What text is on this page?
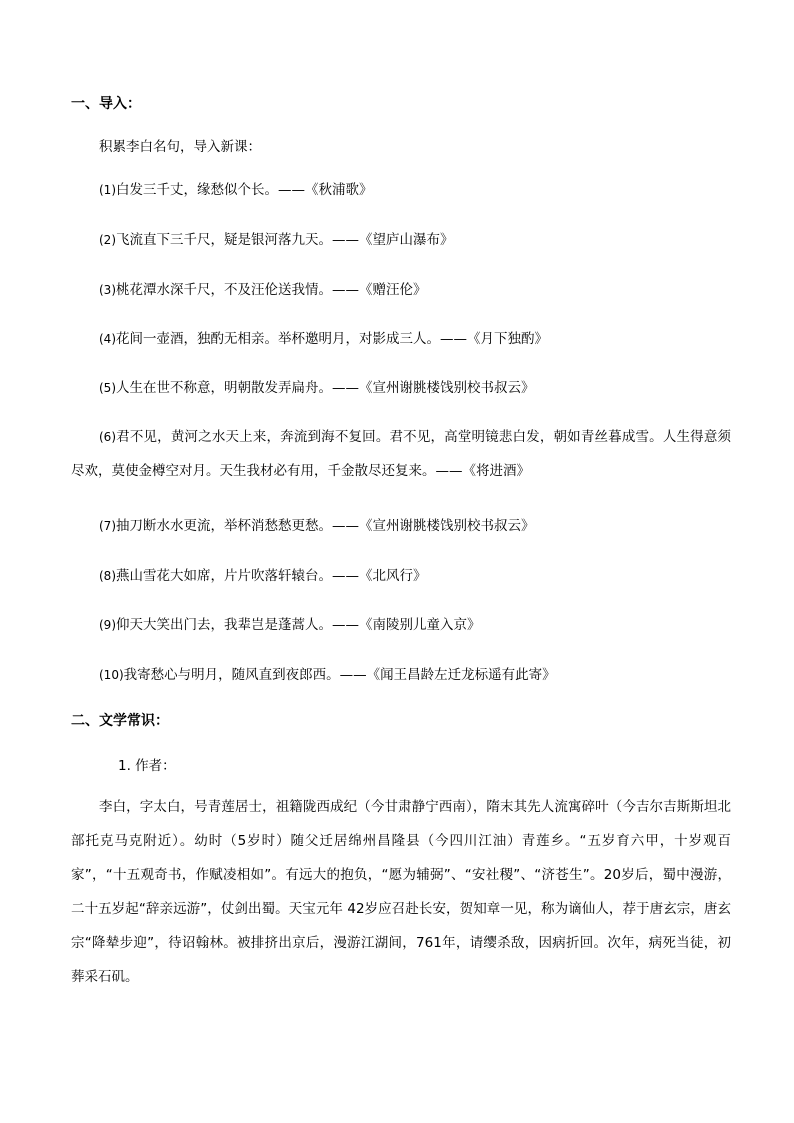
一、导入：
积累李白名句，导入新课：
(1)白发三千丈，缘愁似个长。——《秋浦歌》
(2)飞流直下三千尺，疑是银河落九天。——《望庐山瀑布》
(3)桃花潭水深千尺，不及汪伦送我情。——《赠汪伦》
(4)花间一壶酒，独酌无相亲。举杯邀明月，对影成三人。——《月下独酌》
(5)人生在世不称意，明朝散发弄扁舟。——《宣州谢脁楼饯别校书叔云》
(6)君不见，黄河之水天上来，奔流到海不复回。君不见，高堂明镜悲白发，朝如青丝暮成雪。人生得意须尽欢，莫使金樽空对月。天生我材必有用，千金散尽还复来。——《将进酒》
(7)抽刀断水水更流，举杯消愁愁更愁。——《宣州谢脁楼饯别校书叔云》
(8)燕山雪花大如席，片片吹落轩辕台。——《北风行》
(9)仰天大笑出门去，我辈岂是蓬蒿人。——《南陵别儿童入京》
(10)我寄愁心与明月，随风直到夜郎西。——《闻王昌龄左迁龙标遥有此寄》
二、文学常识：
1. 作者：
李白，字太白，号青莲居士，祖籍陇西成纪（今甘肃静宁西南），隋末其先人流寓碎叶（今吉尔吉斯斯坦北部托克马克附近）。幼时（5岁时）随父迁居绵州昌隆县（今四川江油）青莲乡。“五岁育六甲，十岁观百家”，“十五观奇书，作赋凌相如”。有远大的抱负，“愿为辅弼”、“安社稷”、“济苍生”。20岁后，蜀中漫游，二十五岁起“辞亲远游”，仗剑出蜀。天宝元年 42岁应召赴长安，贺知章一见，称为谪仙人，荐于唐玄宗，唐玄宗“降辇步迎”，待诏翰林。被排挤出京后，漫游江湖间，761年，请缨杀敌，因病折回。次年，病死当徒，初葬采石矶。
